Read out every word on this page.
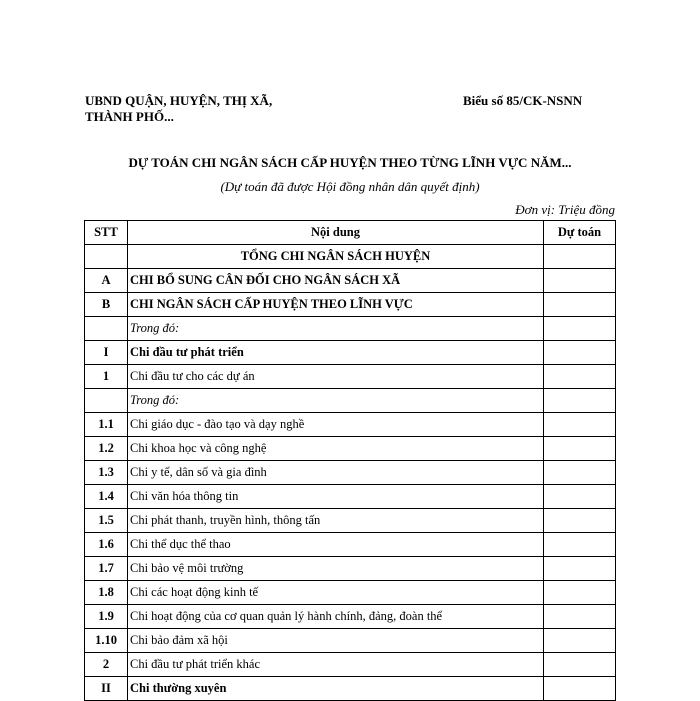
UBND QUẬN, HUYỆN, THỊ XÃ,
THÀNH PHỐ...
Biểu số 85/CK-NSNN
DỰ TOÁN CHI NGÂN SÁCH CẤP HUYỆN THEO TỪNG LĨNH VỰC NĂM...
(Dự toán đã được Hội đồng nhân dân quyết định)
Đơn vị: Triệu đồng
STT	Nội dung	Dự toán
	TỔNG CHI NGÂN SÁCH HUYỆN	
A	CHI BỔ SUNG CÂN ĐỐI CHO NGÂN SÁCH XÃ	
B	CHI NGÂN SÁCH CẤP HUYỆN THEO LĨNH VỰC	
	Trong đó:	
I	Chi đầu tư phát triển	
1	Chi đầu tư cho các dự án	
	Trong đó:	
1.1	Chi giáo dục - đào tạo và dạy nghề	
1.2	Chi khoa học và công nghệ	
1.3	Chi y tế, dân số và gia đình	
1.4	Chi văn hóa thông tin	
1.5	Chi phát thanh, truyền hình, thông tấn	
1.6	Chi thể dục thể thao	
1.7	Chi bảo vệ môi trường	
1.8	Chi các hoạt động kinh tế	
1.9	Chi hoạt động của cơ quan quản lý hành chính, đảng, đoàn thể	
1.10	Chi bảo đảm xã hội	
2	Chi đầu tư phát triển khác	
II	Chi thường xuyên	
